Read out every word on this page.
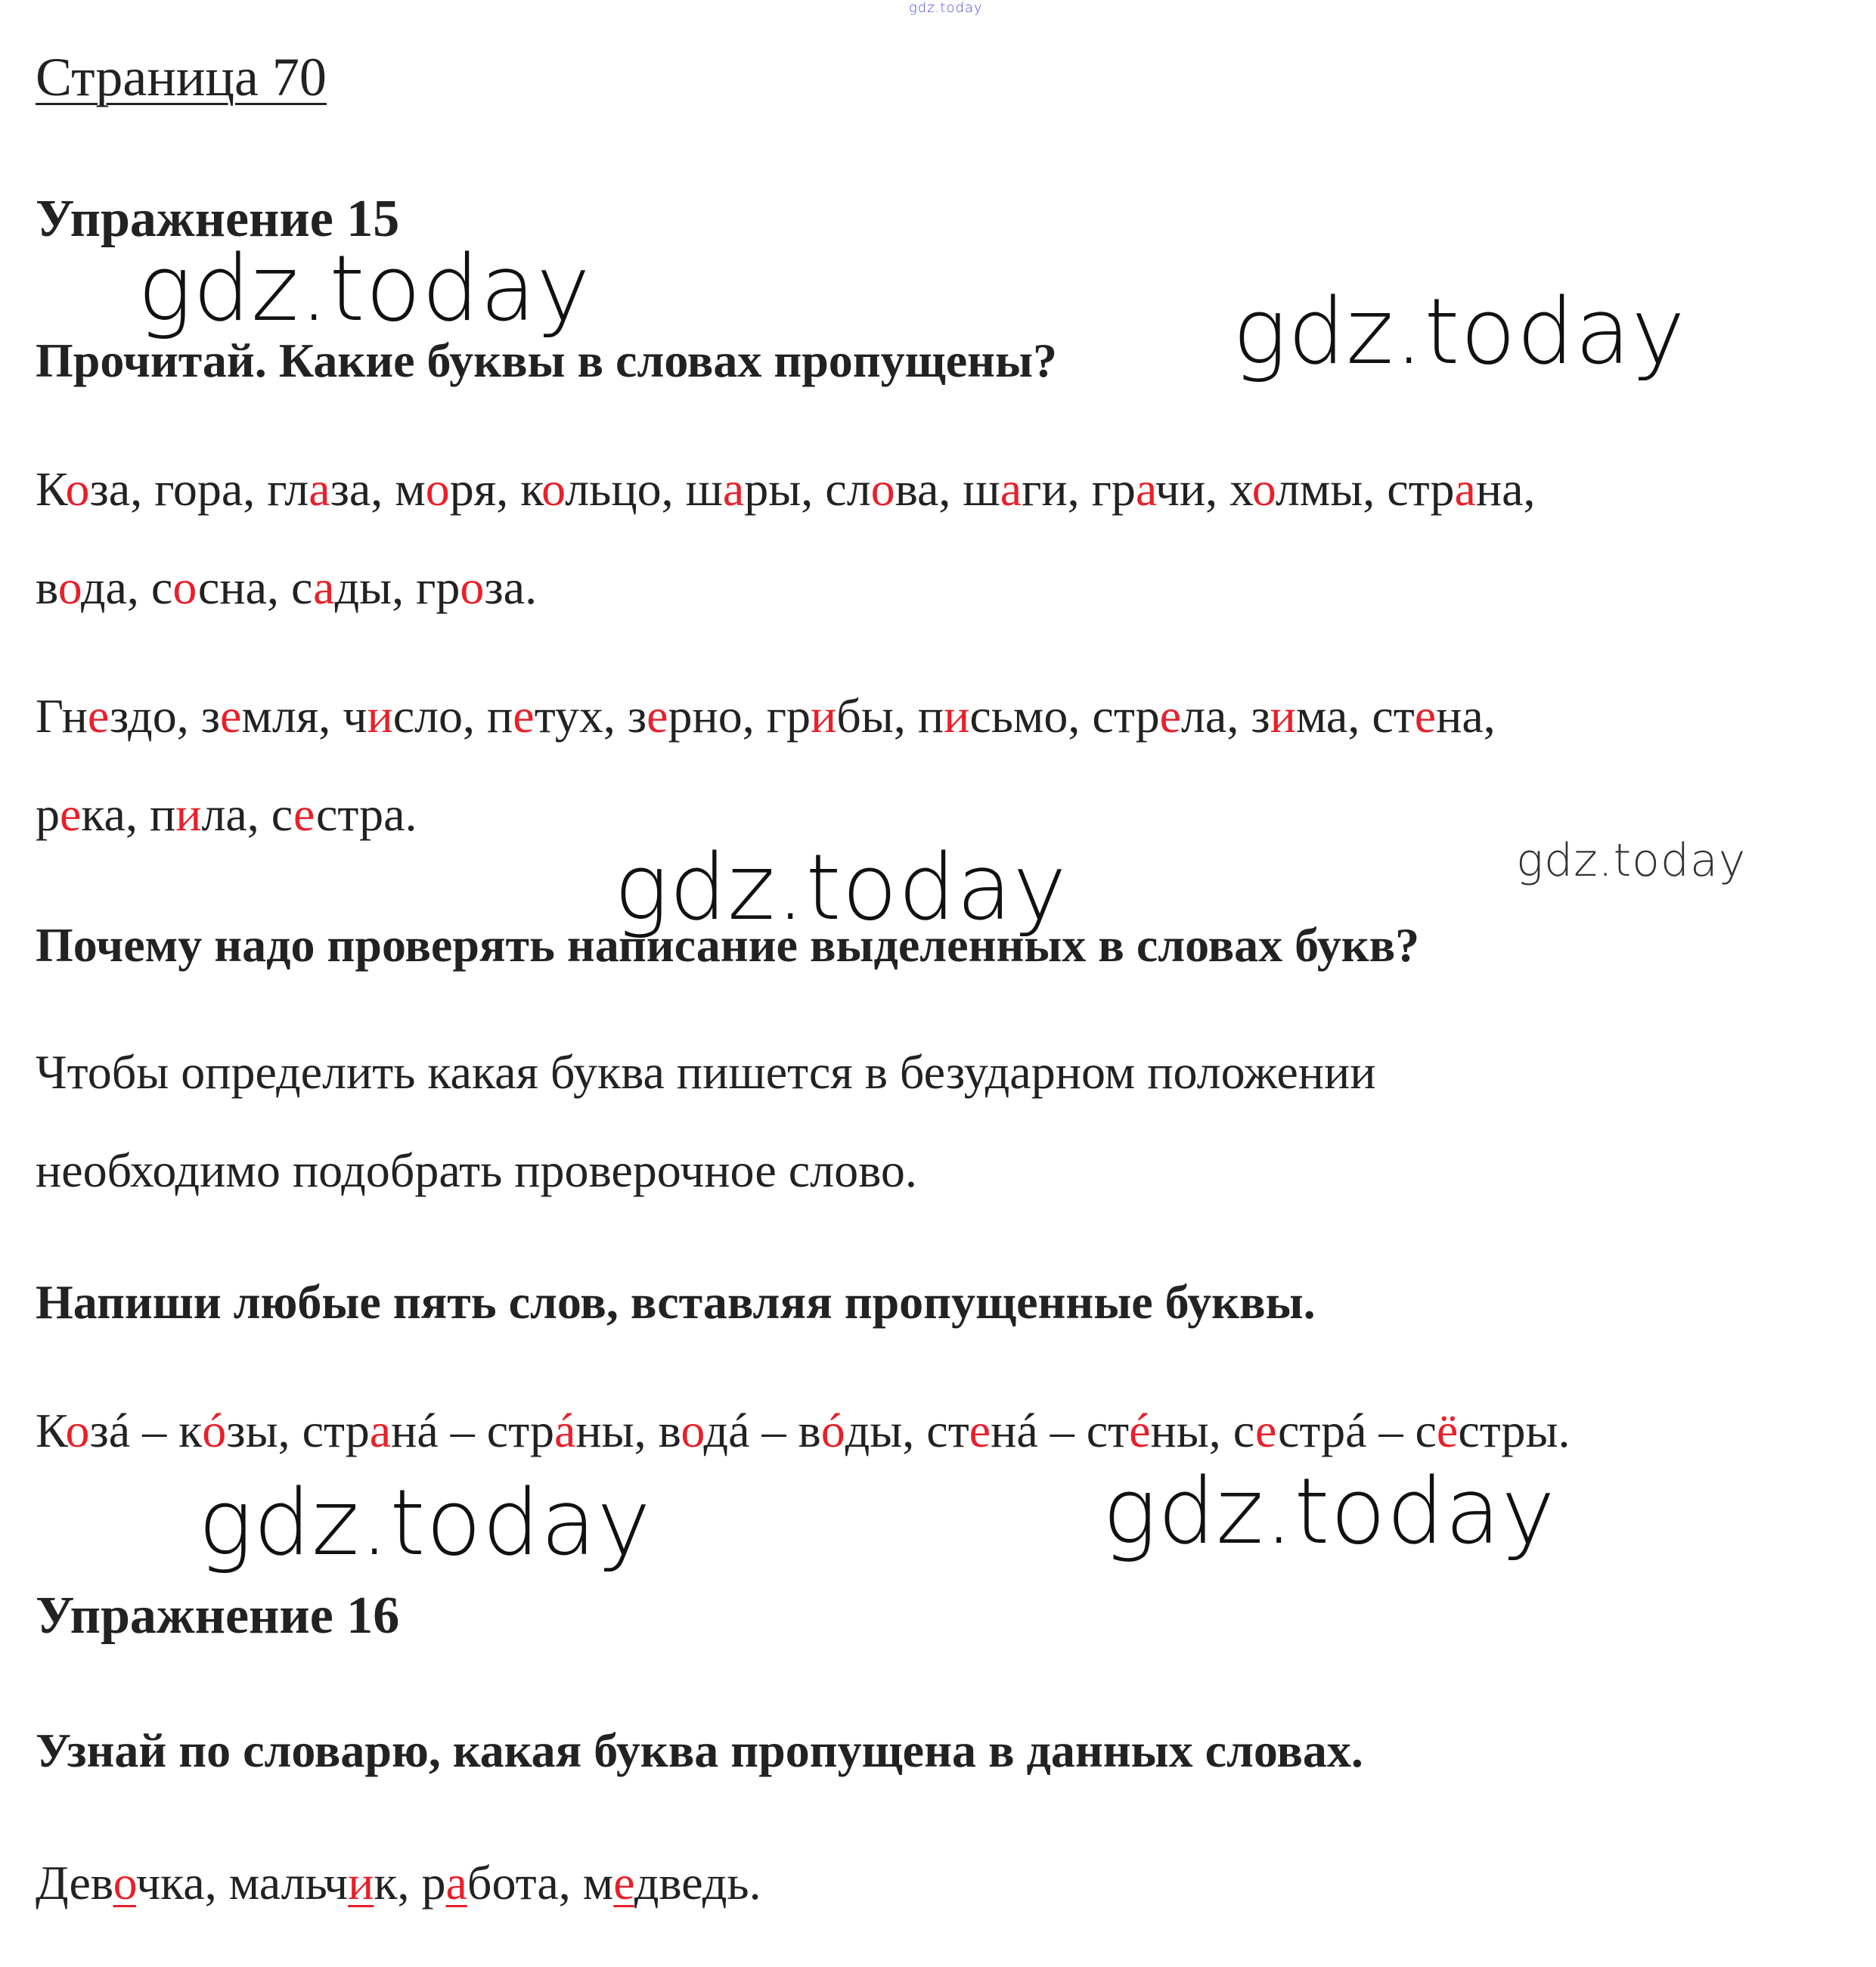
gdz.today
Страница 70
Упражнение 15
Прочитай. Какие буквы в словах пропущены?
Коза, гора, глаза, моря, кольцо, шары, слова, шаги, грачи, холмы, страна,
вода, сосна, сады, гроза.
Гнездо, земля, число, петух, зерно, грибы, письмо, стрела, зима, стена,
река, пила, сестра.
Почему надо проверять написание выделенных в словах букв?
Чтобы определить какая буква пишется в безударном положении
необходимо подобрать проверочное слово.
Напиши любые пять слов, вставляя пропущенные буквы.
Козá – кóзы, странá – стрáны, водá – вóды, стенá – стéны, сестрá – сёстры.
Упражнение 16
Узнай по словарю, какая буква пропущена в данных словах.
Девочка, мальчик, работа, медведь.
gdz.today	gdz.today
gdz.today	gdz.today
gdz.today	gdz.today
